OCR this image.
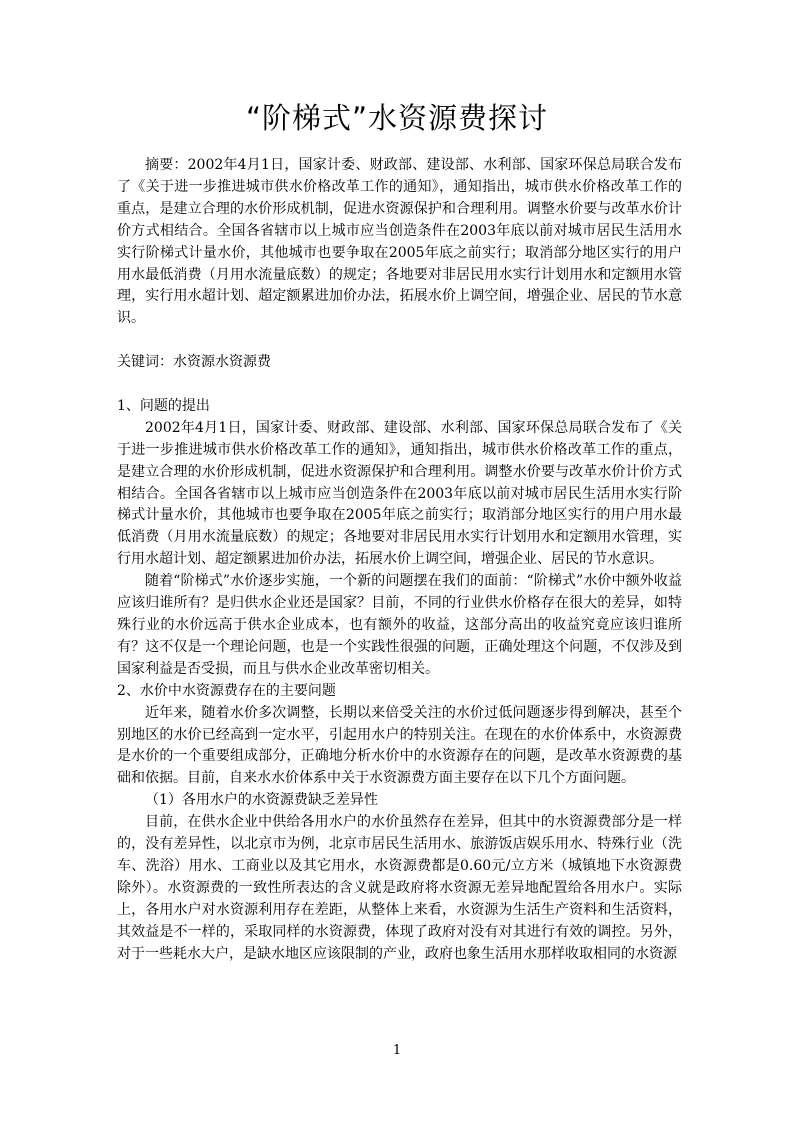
“阶梯式”水资源费探讨

摘要：2002年4月1日，国家计委、财政部、建设部、水利部、国家环保总局联合发布了《关于进一步推进城市供水价格改革工作的通知》，通知指出，城市供水价格改革工作的重点，是建立合理的水价形成机制，促进水资源保护和合理利用。调整水价要与改革水价计价方式相结合。全国各省辖市以上城市应当创造条件在2003年底以前对城市居民生活用水实行阶梯式计量水价，其他城市也要争取在2005年底之前实行；取消部分地区实行的用户用水最低消费（月用水流量底数）的规定；各地要对非居民用水实行计划用水和定额用水管理，实行用水超计划、超定额累进加价办法，拓展水价上调空间，增强企业、居民的节水意识。

关键词：水资源水资源费

1、问题的提出

2002年4月1日，国家计委、财政部、建设部、水利部、国家环保总局联合发布了《关于进一步推进城市供水价格改革工作的通知》，通知指出，城市供水价格改革工作的重点，是建立合理的水价形成机制，促进水资源保护和合理利用。调整水价要与改革水价计价方式相结合。全国各省辖市以上城市应当创造条件在2003年底以前对城市居民生活用水实行阶梯式计量水价，其他城市也要争取在2005年底之前实行；取消部分地区实行的用户用水最低消费（月用水流量底数）的规定；各地要对非居民用水实行计划用水和定额用水管理，实行用水超计划、超定额累进加价办法，拓展水价上调空间，增强企业、居民的节水意识。

随着“阶梯式”水价逐步实施，一个新的问题摆在我们的面前：“阶梯式”水价中额外收益应该归谁所有？是归供水企业还是国家？目前，不同的行业供水价格存在很大的差异，如特殊行业的水价远高于供水企业成本，也有额外的收益，这部分高出的收益究竟应该归谁所有？这不仅是一个理论问题，也是一个实践性很强的问题，正确处理这个问题，不仅涉及到国家利益是否受损，而且与供水企业改革密切相关。

2、水价中水资源费存在的主要问题

近年来，随着水价多次调整，长期以来倍受关注的水价过低问题逐步得到解决，甚至个别地区的水价已经高到一定水平，引起用水户的特别关注。在现在的水价体系中，水资源费是水价的一个重要组成部分，正确地分析水价中的水资源存在的问题，是改革水资源费的基础和依据。目前，自来水水价体系中关于水资源费方面主要存在以下几个方面问题。

（1）各用水户的水资源费缺乏差异性

目前，在供水企业中供给各用水户的水价虽然存在差异，但其中的水资源费部分是一样的，没有差异性，以北京市为例，北京市居民生活用水、旅游饭店娱乐用水、特殊行业（洗车、洗浴）用水、工商业以及其它用水，水资源费都是0.60元/立方米（城镇地下水资源费除外）。水资源费的一致性所表达的含义就是政府将水资源无差异地配置给各用水户。实际上，各用水户对水资源利用存在差距，从整体上来看，水资源为生活生产资料和生活资料，其效益是不一样的，采取同样的水资源费，体现了政府对没有对其进行有效的调控。另外，对于一些耗水大户，是缺水地区应该限制的产业，政府也象生活用水那样收取相同的水资源

1
